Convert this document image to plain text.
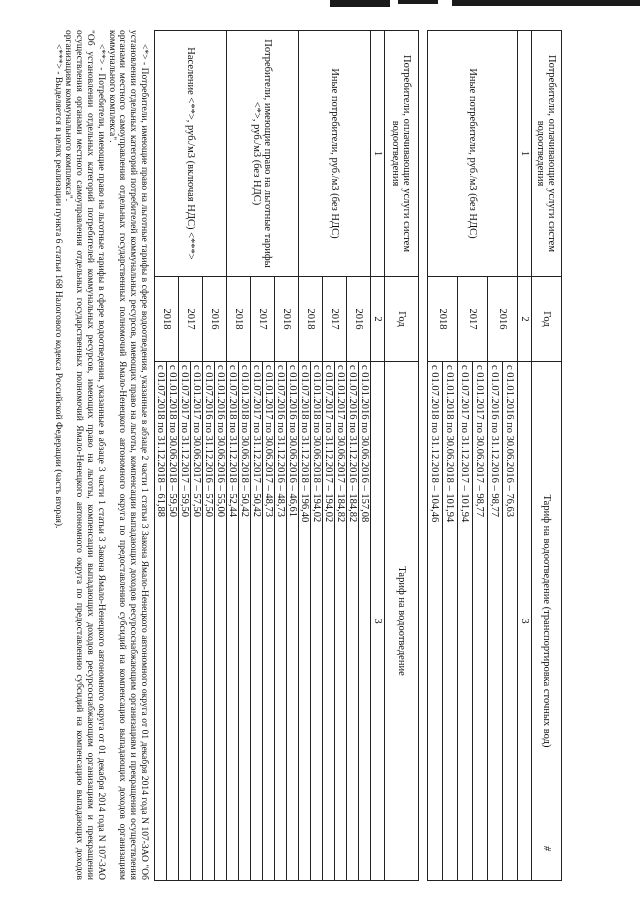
Потребители, оплачивающие услуги систем водоотведения	Год	Тариф на водоотведение (транспортировка сточных вод)
1	2	3
Иные потребители, руб./м3 (без НДС)	2016	с 01.01.2016 по 30.06.2016 – 76,63
		с 01.07.2016 по 31.12.2016 – 98,77
	2017	с 01.01.2017 по 30.06.2017 – 98,77
		с 01.07.2017 по 31.12.2017 – 101,94
	2018	с 01.01.2018 по 30.06.2018 – 101,94
		с 01.07.2018 по 31.12.2018 – 104,46
Потребители, оплачивающие услуги систем водоотведения	Год	Тариф на водоотведение
1	2	3
Иные потребители, руб./м3 (без НДС)	2016	с 01.01.2016 по 30.06.2016 – 157,08
		с 01.07.2016 по 31.12.2016 – 184,82
	2017	с 01.01.2017 по 30.06.2017 – 184,82
		с 01.07.2017 по 31.12.2017 – 194,02
	2018	с 01.01.2018 по 30.06.2018 – 194,02
		с 01.07.2018 по 31.12.2018 – 196,40
Потребители, имеющие право на льготные тарифы <*>, руб./м3 (без НДС)	2016	с 01.01.2016 по 30.06.2016 – 46,61
		с 01.07.2016 по 31.12.2016 – 48,73
	2017	с 01.01.2017 по 30.06.2017 – 48,73
		с 01.07.2017 по 31.12.2017 – 50,42
	2018	с 01.01.2018 по 30.06.2018 – 50,42
		с 01.07.2018 по 31.12.2018 – 52,44
Население <**>, руб./м3 (включая НДС) <***>	2016	с 01.01.2016 по 30.06.2016 – 55,00
		с 01.07.2016 по 31.12.2016 – 57,50
	2017	с 01.01.2017 по 30.06.2017 – 57,50
		с 01.07.2017 по 31.12.2017 – 59,50
	2018	с 01.01.2018 по 30.06.2018 – 59,50
		с 01.07.2018 по 31.12.2018 – 61,88

<*> - Потребители, имеющие право на льготные тарифы в сфере водоотведения, указанные в абзаце 2 части 1 статьи 3 Закона Ямало-Ненецкого автономного округа от 01 декабря 2014 года N 107-ЗАО "Об установлении отдельных категорий потребителей коммунальных ресурсов, имеющих право на льготы, компенсации выпадающих доходов ресурсоснабжающим организациям и прекращении осуществления органами местного самоуправления отдельных государственных полномочий Ямало-Ненецкого автономного округа по предоставлению субсидий на компенсацию выпадающих доходов организациям коммунального комплекса".

<**> - Потребители, имеющие право на льготные тарифы в сфере водоотведения, указанные в абзаце 3 части 1 статьи 3 Закона Ямало-Ненецкого автономного округа от 01 декабря 2014 года N 107-ЗАО "Об установлении отдельных категорий потребителей коммунальных ресурсов, имеющих право на льготы, компенсации выпадающих доходов ресурсоснабжающим организациям и прекращении осуществления органами местного самоуправления отдельных государственных полномочий Ямало-Ненецкого автономного округа по предоставлению субсидий на компенсацию выпадающих доходов организациям коммунального комплекса".

<***> - Выделяется в целях реализации пункта 6 статьи 168 Налогового кодекса Российской Федерации (часть вторая).

#
